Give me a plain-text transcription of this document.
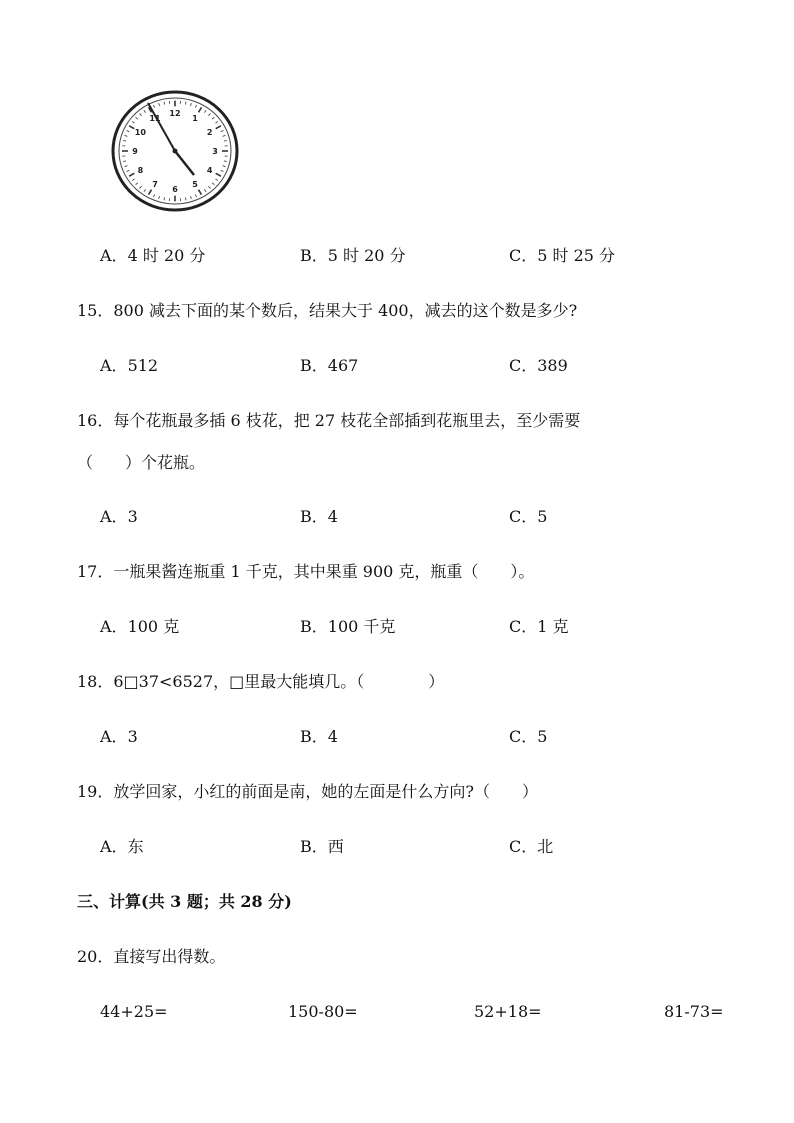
12
1
2
3
4
5
6
7
8
9
10
11
A．4 时 20 分	B．5 时 20 分	C．5 时 25 分
15．800 减去下面的某个数后，结果大于 400，减去的这个数是多少?
A．512	B．467	C．389
16．每个花瓶最多插 6 枝花，把 27 枝花全部插到花瓶里去，至少需要
（　　）个花瓶。
A．3	B．4	C．5
17．一瓶果酱连瓶重 1 千克，其中果重 900 克，瓶重（　　）。
A．100 克	B．100 千克	C．1 克
18．6□37<6527，□里最大能填几。（　　　　）
A．3	B．4	C．5
19．放学回家，小红的前面是南，她的左面是什么方向?（　　）
A．东	B．西	C．北
三、计算(共 3 题；共 28 分)
20．直接写出得数。
44+25=	150-80=	52+18=	81-73=
